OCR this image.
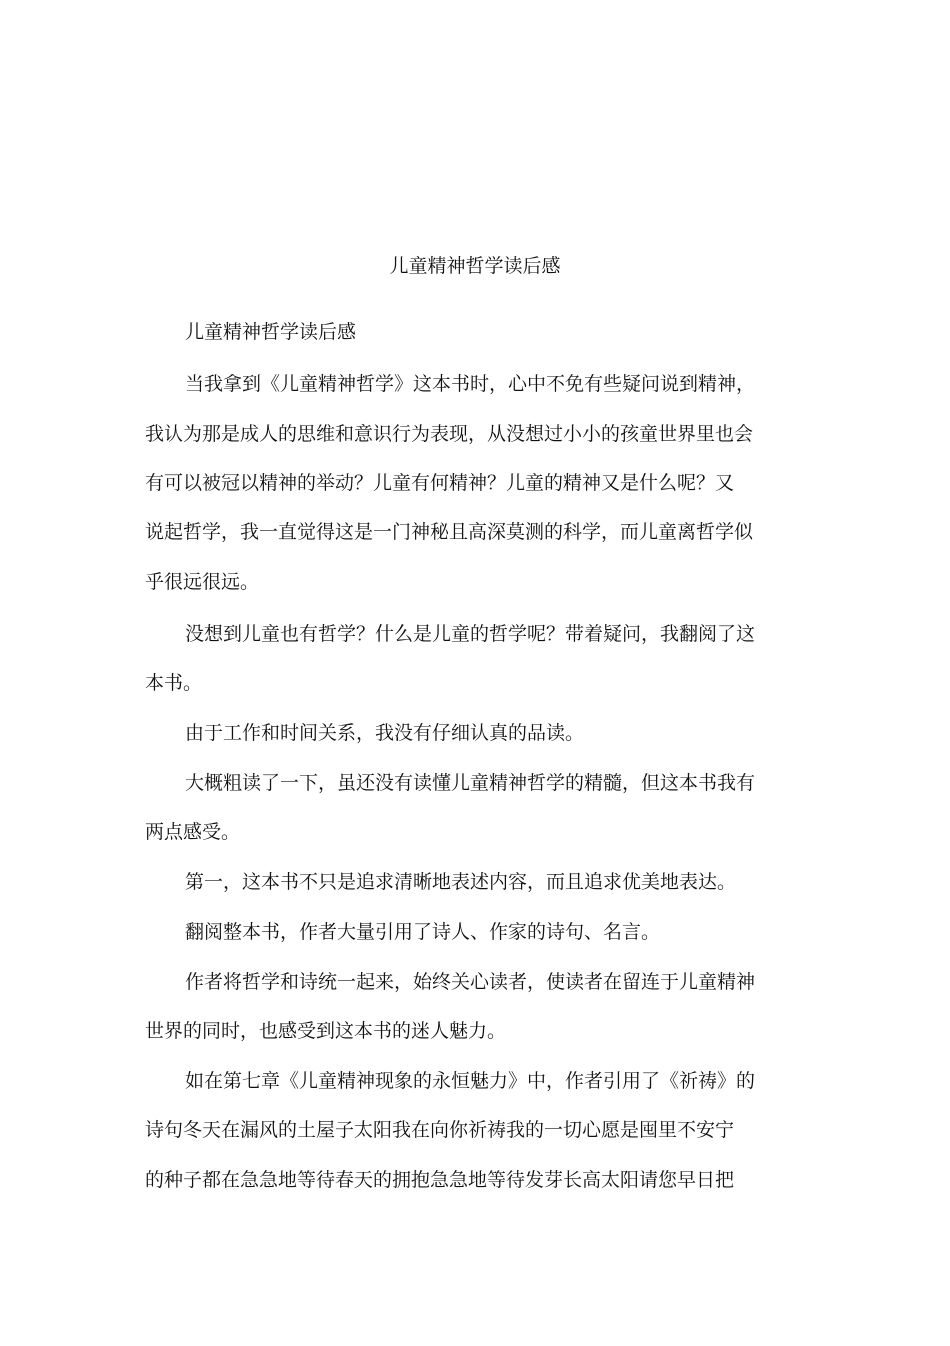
儿童精神哲学读后感
儿童精神哲学读后感
当我拿到《儿童精神哲学》这本书时，心中不免有些疑问说到精神，
我认为那是成人的思维和意识行为表现，从没想过小小的孩童世界里也会
有可以被冠以精神的举动？儿童有何精神？儿童的精神又是什么呢？又
说起哲学，我一直觉得这是一门神秘且高深莫测的科学，而儿童离哲学似
乎很远很远。
没想到儿童也有哲学？什么是儿童的哲学呢？带着疑问，我翻阅了这
本书。
由于工作和时间关系，我没有仔细认真的品读。
大概粗读了一下，虽还没有读懂儿童精神哲学的精髓，但这本书我有
两点感受。
第一，这本书不只是追求清晰地表述内容，而且追求优美地表达。
翻阅整本书，作者大量引用了诗人、作家的诗句、名言。
作者将哲学和诗统一起来，始终关心读者，使读者在留连于儿童精神
世界的同时，也感受到这本书的迷人魅力。
如在第七章《儿童精神现象的永恒魅力》中，作者引用了《祈祷》的
诗句冬天在漏风的土屋子太阳我在向你祈祷我的一切心愿是囤里不安宁
的种子都在急急地等待春天的拥抱急急地等待发芽长高太阳请您早日把
